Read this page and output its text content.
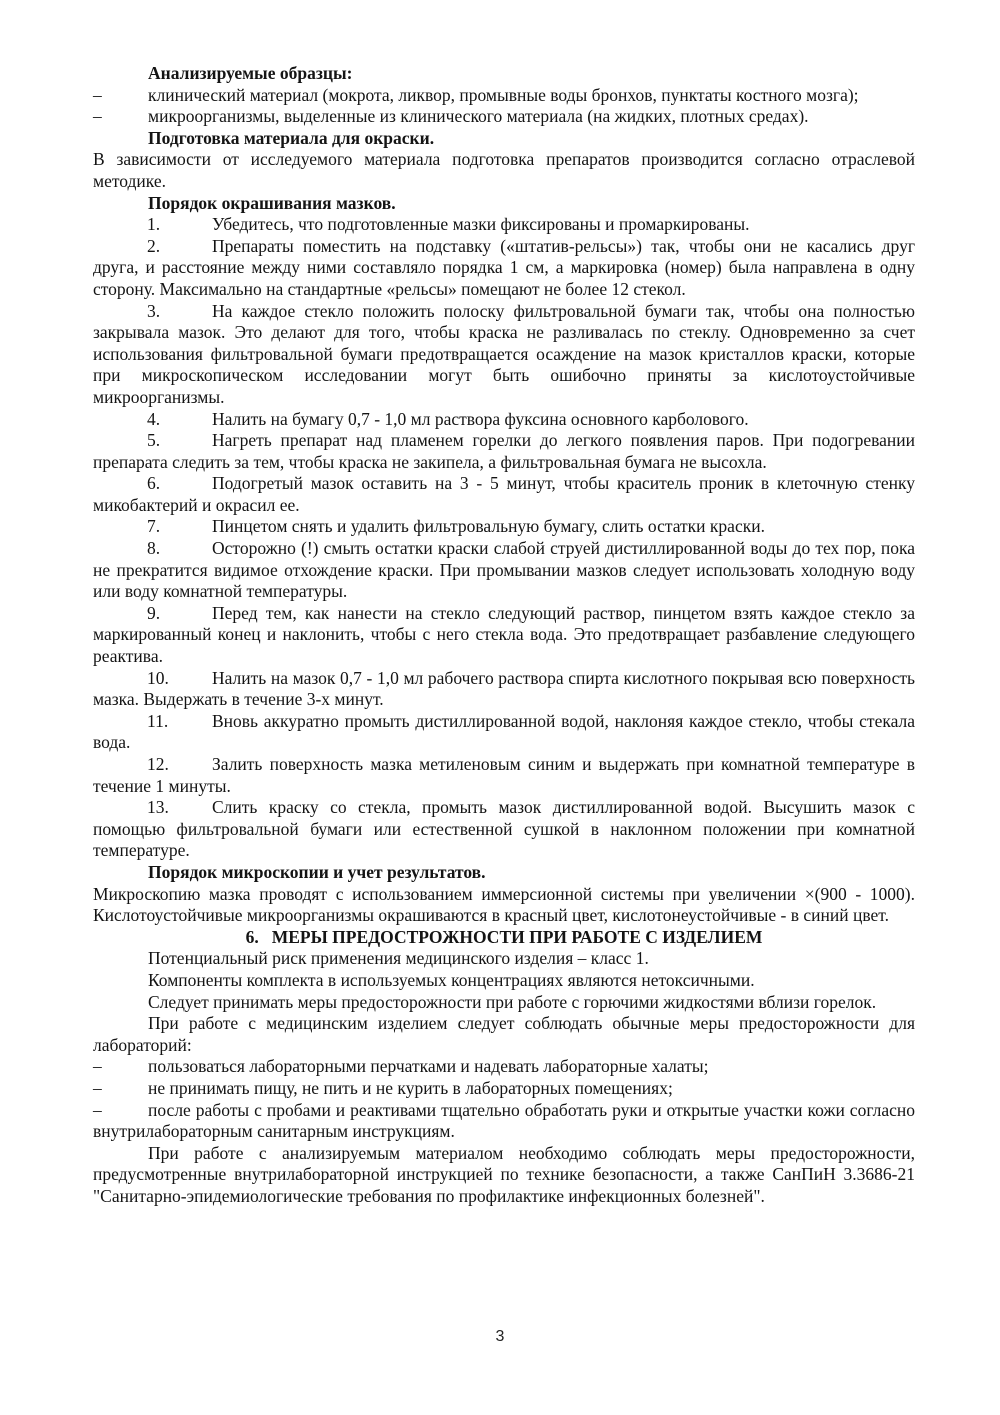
Анализируемые образцы:

–	клинический материал (мокрота, ликвор, промывные воды бронхов, пунктаты костного мозга);

–	микроорганизмы, выделенные из клинического материала (на жидких, плотных средах).

Подготовка материала для окраски.

В зависимости от исследуемого материала подготовка препаратов производится согласно отраслевой методике.

Порядок окрашивания мазков.

1.	Убедитесь, что подготовленные мазки фиксированы и промаркированы.

2.	Препараты поместить на подставку («штатив-рельсы») так, чтобы они не касались друг друга, и расстояние между ними составляло порядка 1 см, а маркировка (номер) была направлена в одну сторону. Максимально на стандартные «рельсы» помещают не более 12 стекол.

3.	На каждое стекло положить полоску фильтровальной бумаги так, чтобы она полностью закрывала мазок. Это делают для того, чтобы краска не разливалась по стеклу. Одновременно за счет использования фильтровальной бумаги предотвращается осаждение на мазок кристаллов краски, которые при микроскопическом исследовании могут быть ошибочно приняты за кислотоустойчивые микроорганизмы.

4.	Налить на бумагу 0,7 - 1,0 мл раствора фуксина основного карболового.

5.	Нагреть препарат над пламенем горелки до легкого появления паров. При подогревании препарата следить за тем, чтобы краска не закипела, а фильтровальная бумага не высохла.

6.	Подогретый мазок оставить на 3 - 5 минут, чтобы краситель проник в клеточную стенку микобактерий и окрасил ее.

7.	Пинцетом снять и удалить фильтровальную бумагу, слить остатки краски.

8.	Осторожно (!) смыть остатки краски слабой струей дистиллированной воды до тех пор, пока не прекратится видимое отхождение краски. При промывании мазков следует использовать холодную воду или воду комнатной температуры.

9.	Перед тем, как нанести на стекло следующий раствор, пинцетом взять каждое стекло за маркированный конец и наклонить, чтобы с него стекла вода. Это предотвращает разбавление следующего реактива.

10. Налить на мазок 0,7 - 1,0 мл рабочего раствора спирта кислотного покрывая всю поверхность мазка. Выдержать в течение 3-х минут.

11.	Вновь аккуратно промыть дистиллированной водой, наклоняя каждое стекло, чтобы стекала вода.

12. Залить поверхность мазка метиленовым синим и выдержать при комнатной температуре в течение 1 минуты.

13. Слить краску со стекла, промыть мазок дистиллированной водой. Высушить мазок с помощью фильтровальной бумаги или естественной сушкой в наклонном положении при комнатной температуре.

Порядок микроскопии и учет результатов.

Микроскопию мазка проводят с использованием иммерсионной системы при увеличении ×(900 - 1000). Кислотоустойчивые микроорганизмы окрашиваются в красный цвет, кислотонеустойчивые - в синий цвет.

6. МЕРЫ ПРЕДОСТРОЖНОСТИ ПРИ РАБОТЕ С ИЗДЕЛИЕМ

Потенциальный риск применения медицинского изделия – класс 1.

Компоненты комплекта в используемых концентрациях являются нетоксичными.

Следует принимать меры предосторожности при работе с горючими жидкостями вблизи горелок.

При работе с медицинским изделием следует соблюдать обычные меры предосторожности для лабораторий:

–	пользоваться лабораторными перчатками и надевать лабораторные халаты;

–	не принимать пищу, не пить и не курить в лабораторных помещениях;

–	после работы с пробами и реактивами тщательно обработать руки и открытые участки кожи согласно внутрилабораторным санитарным инструкциям.

При работе с анализируемым материалом необходимо соблюдать меры предосторожности, предусмотренные внутрилабораторной инструкцией по технике безопасности, а также СанПиН 3.3686-21 "Санитарно-эпидемиологические требования по профилактике инфекционных болезней".

3
